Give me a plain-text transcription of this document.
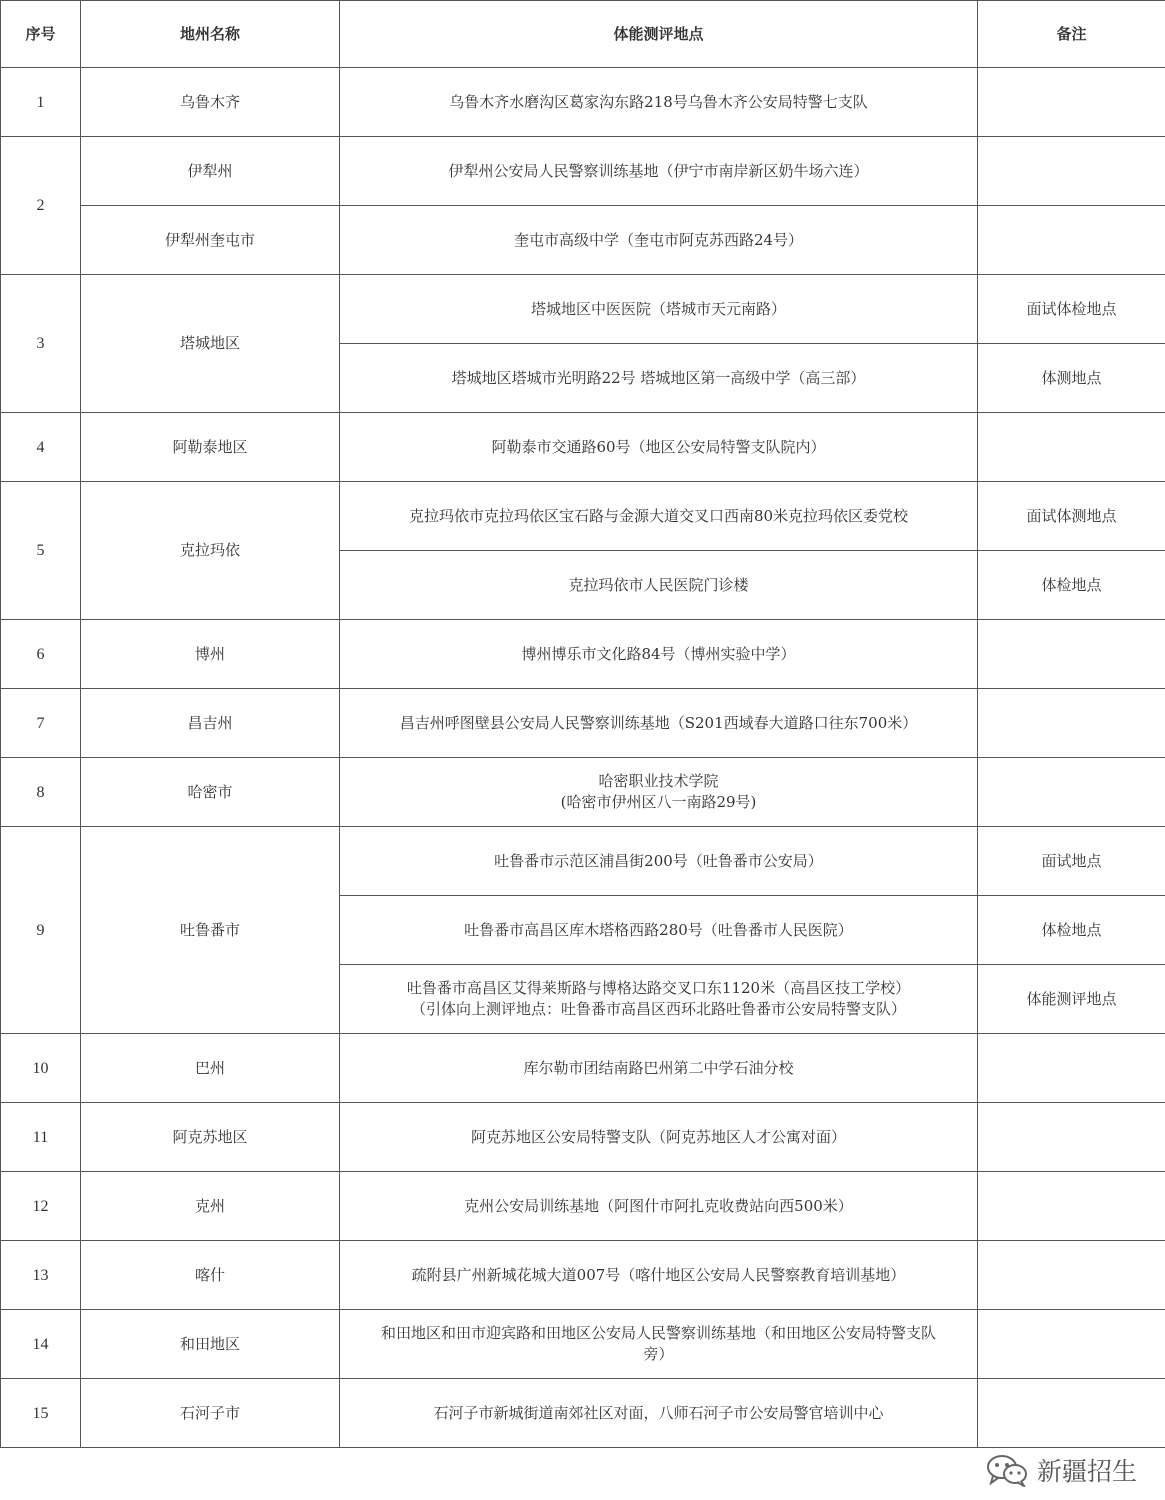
序号	地州名称	体能测评地点	备注
1	乌鲁木齐	乌鲁木齐水磨沟区葛家沟东路218号乌鲁木齐公安局特警七支队	
2	伊犁州	伊犁州公安局人民警察训练基地（伊宁市南岸新区奶牛场六连）	
	伊犁州奎屯市	奎屯市高级中学（奎屯市阿克苏西路24号）	
3	塔城地区	塔城地区中医医院（塔城市天元南路）	面试体检地点
		塔城地区塔城市光明路22号 塔城地区第一高级中学（高三部）	体测地点
4	阿勒泰地区	阿勒泰市交通路60号（地区公安局特警支队院内）	
5	克拉玛依	克拉玛依市克拉玛依区宝石路与金源大道交叉口西南80米克拉玛依区委党校	面试体测地点
		克拉玛依市人民医院门诊楼	体检地点
6	博州	博州博乐市文化路84号（博州实验中学）	
7	昌吉州	昌吉州呼图壁县公安局人民警察训练基地（S201西域春大道路口往东700米）	
8	哈密市	哈密职业技术学院
(哈密市伊州区八一南路29号)	

9	吐鲁番市	吐鲁番市示范区浦昌街200号（吐鲁番市公安局）	面试地点
		吐鲁番市高昌区库木塔格西路280号（吐鲁番市人民医院）	体检地点

		吐鲁番市高昌区艾得莱斯路与博格达路交叉口东1120米（高昌区技工学校）
（引体向上测评地点：吐鲁番市高昌区西环北路吐鲁番市公安局特警支队）	体能测评地点
10	巴州	库尔勒市团结南路巴州第二中学石油分校	
11	阿克苏地区	阿克苏地区公安局特警支队（阿克苏地区人才公寓对面）	
12	克州	克州公安局训练基地（阿图什市阿扎克收费站向西500米）	
13	喀什	疏附县广州新城花城大道007号（喀什地区公安局人民警察教育培训基地）	
14	和田地区	和田地区和田市迎宾路和田地区公安局人民警察训练基地（和田地区公安局特警支队
旁）	

15	石河子市	石河子市新城街道南郊社区对面，八师石河子市公安局警官培训中心	
新疆招生
